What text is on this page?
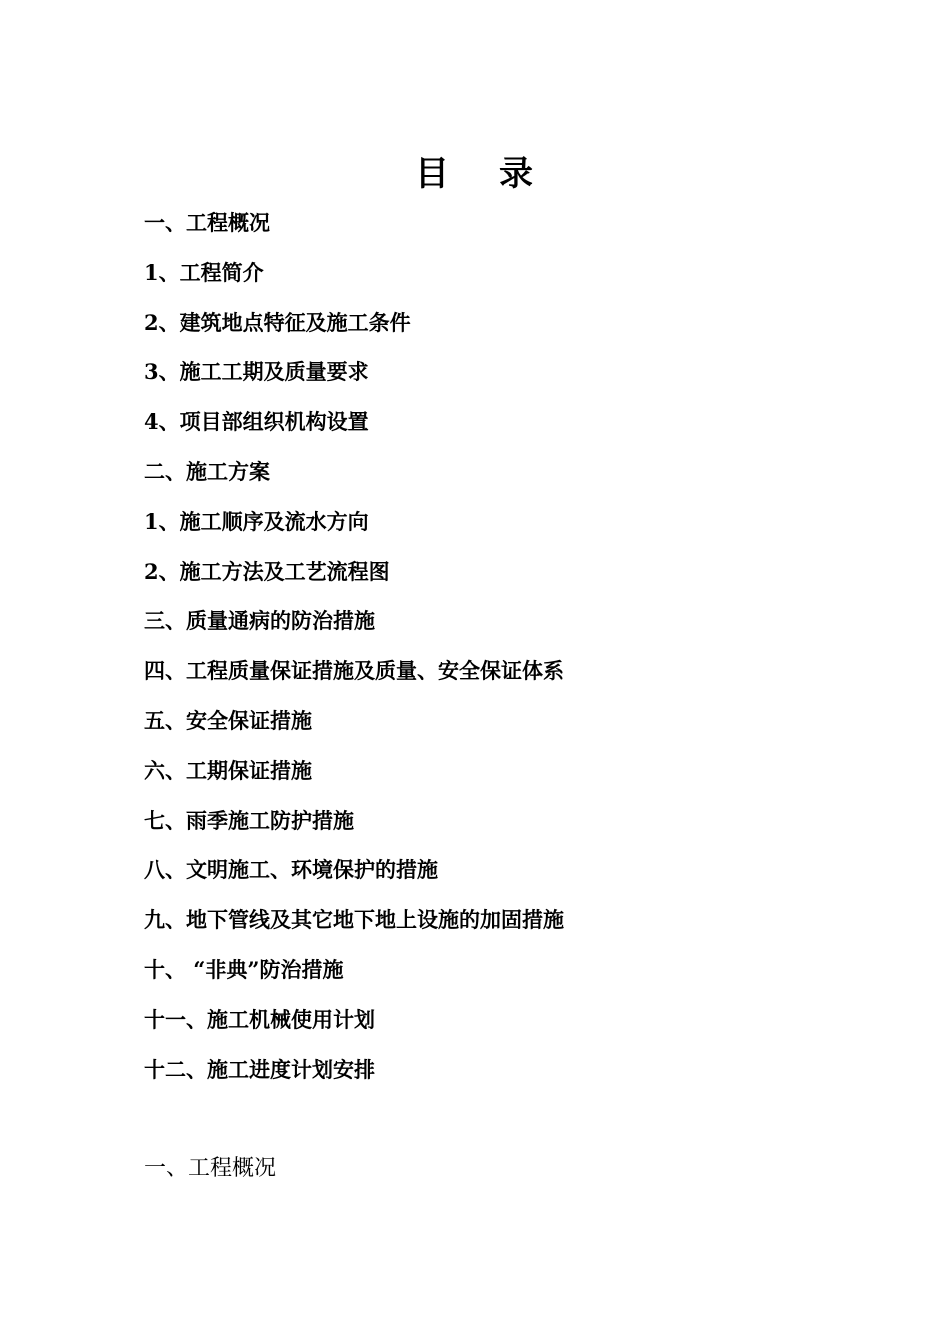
目 录
一、工程概况
1、工程简介
2、建筑地点特征及施工条件
3、施工工期及质量要求
4、项目部组织机构设置
二、施工方案
1、施工顺序及流水方向
2、施工方法及工艺流程图
三、质量通病的防治措施
四、工程质量保证措施及质量、安全保证体系
五、安全保证措施
六、工期保证措施
七、雨季施工防护措施
八、文明施工、环境保护的措施
九、地下管线及其它地下地上设施的加固措施
十、 “非典”防治措施
十一、施工机械使用计划
十二、施工进度计划安排
一、工程概况
